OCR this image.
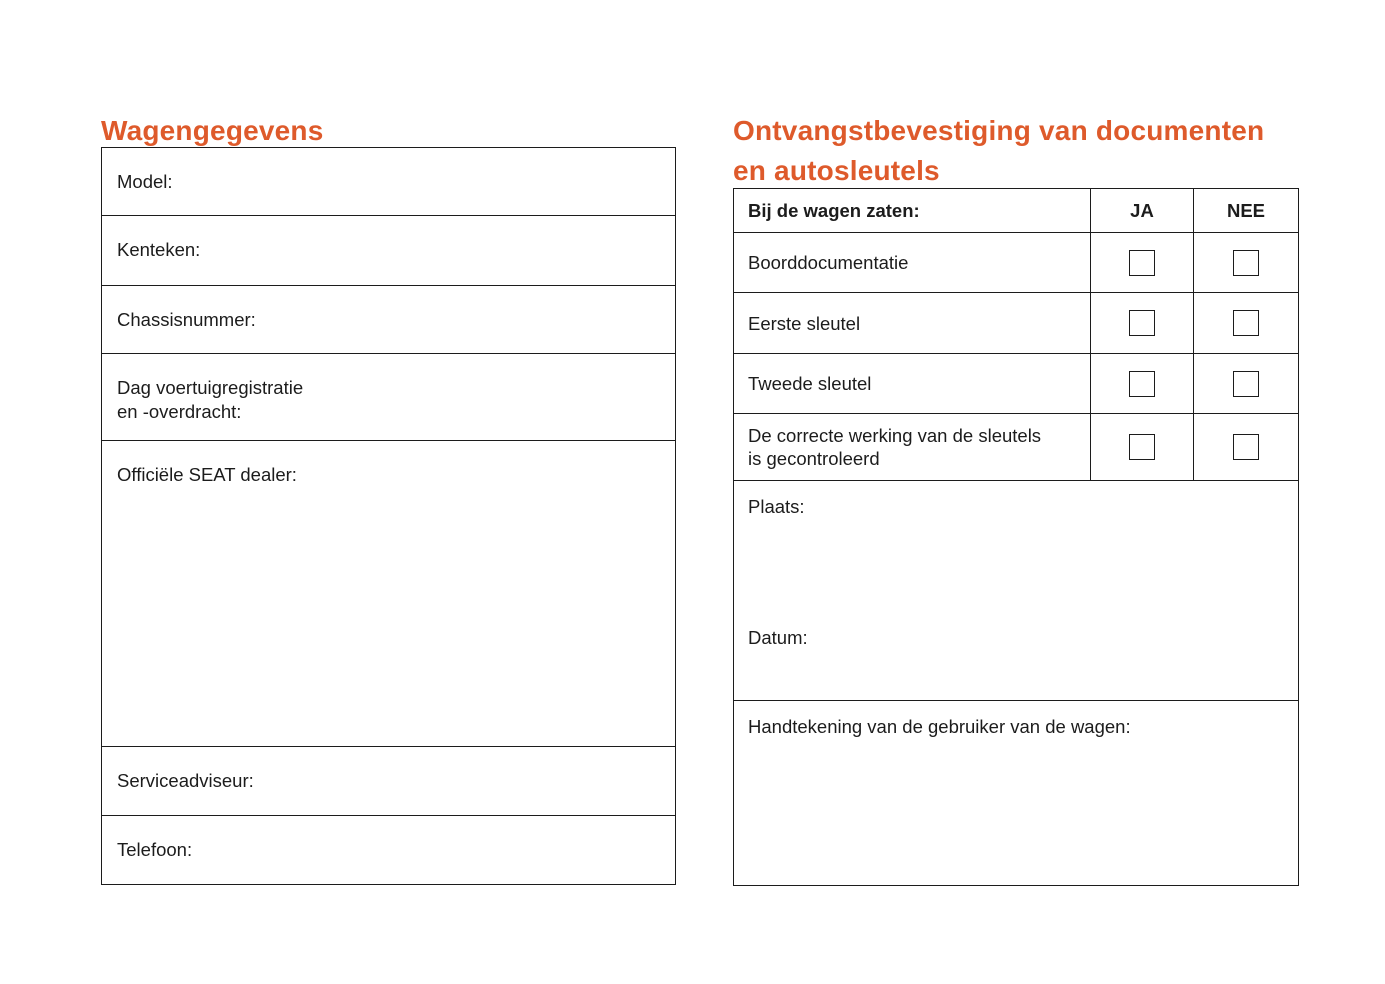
Wagengegevens
Model:
Kenteken:
Chassisnummer:
Dag voertuigregistratie
en -overdracht:
Officiële SEAT dealer:
Serviceadviseur:
Telefoon:
Ontvangstbevestiging van documenten
en autosleutels
Bij de wagen zaten:	JA	NEE
Boorddocumentatie
Eerste sleutel
Tweede sleutel
De correcte werking van de sleutels
is gecontroleerd
Plaats:
Datum:
Handtekening van de gebruiker van de wagen:
